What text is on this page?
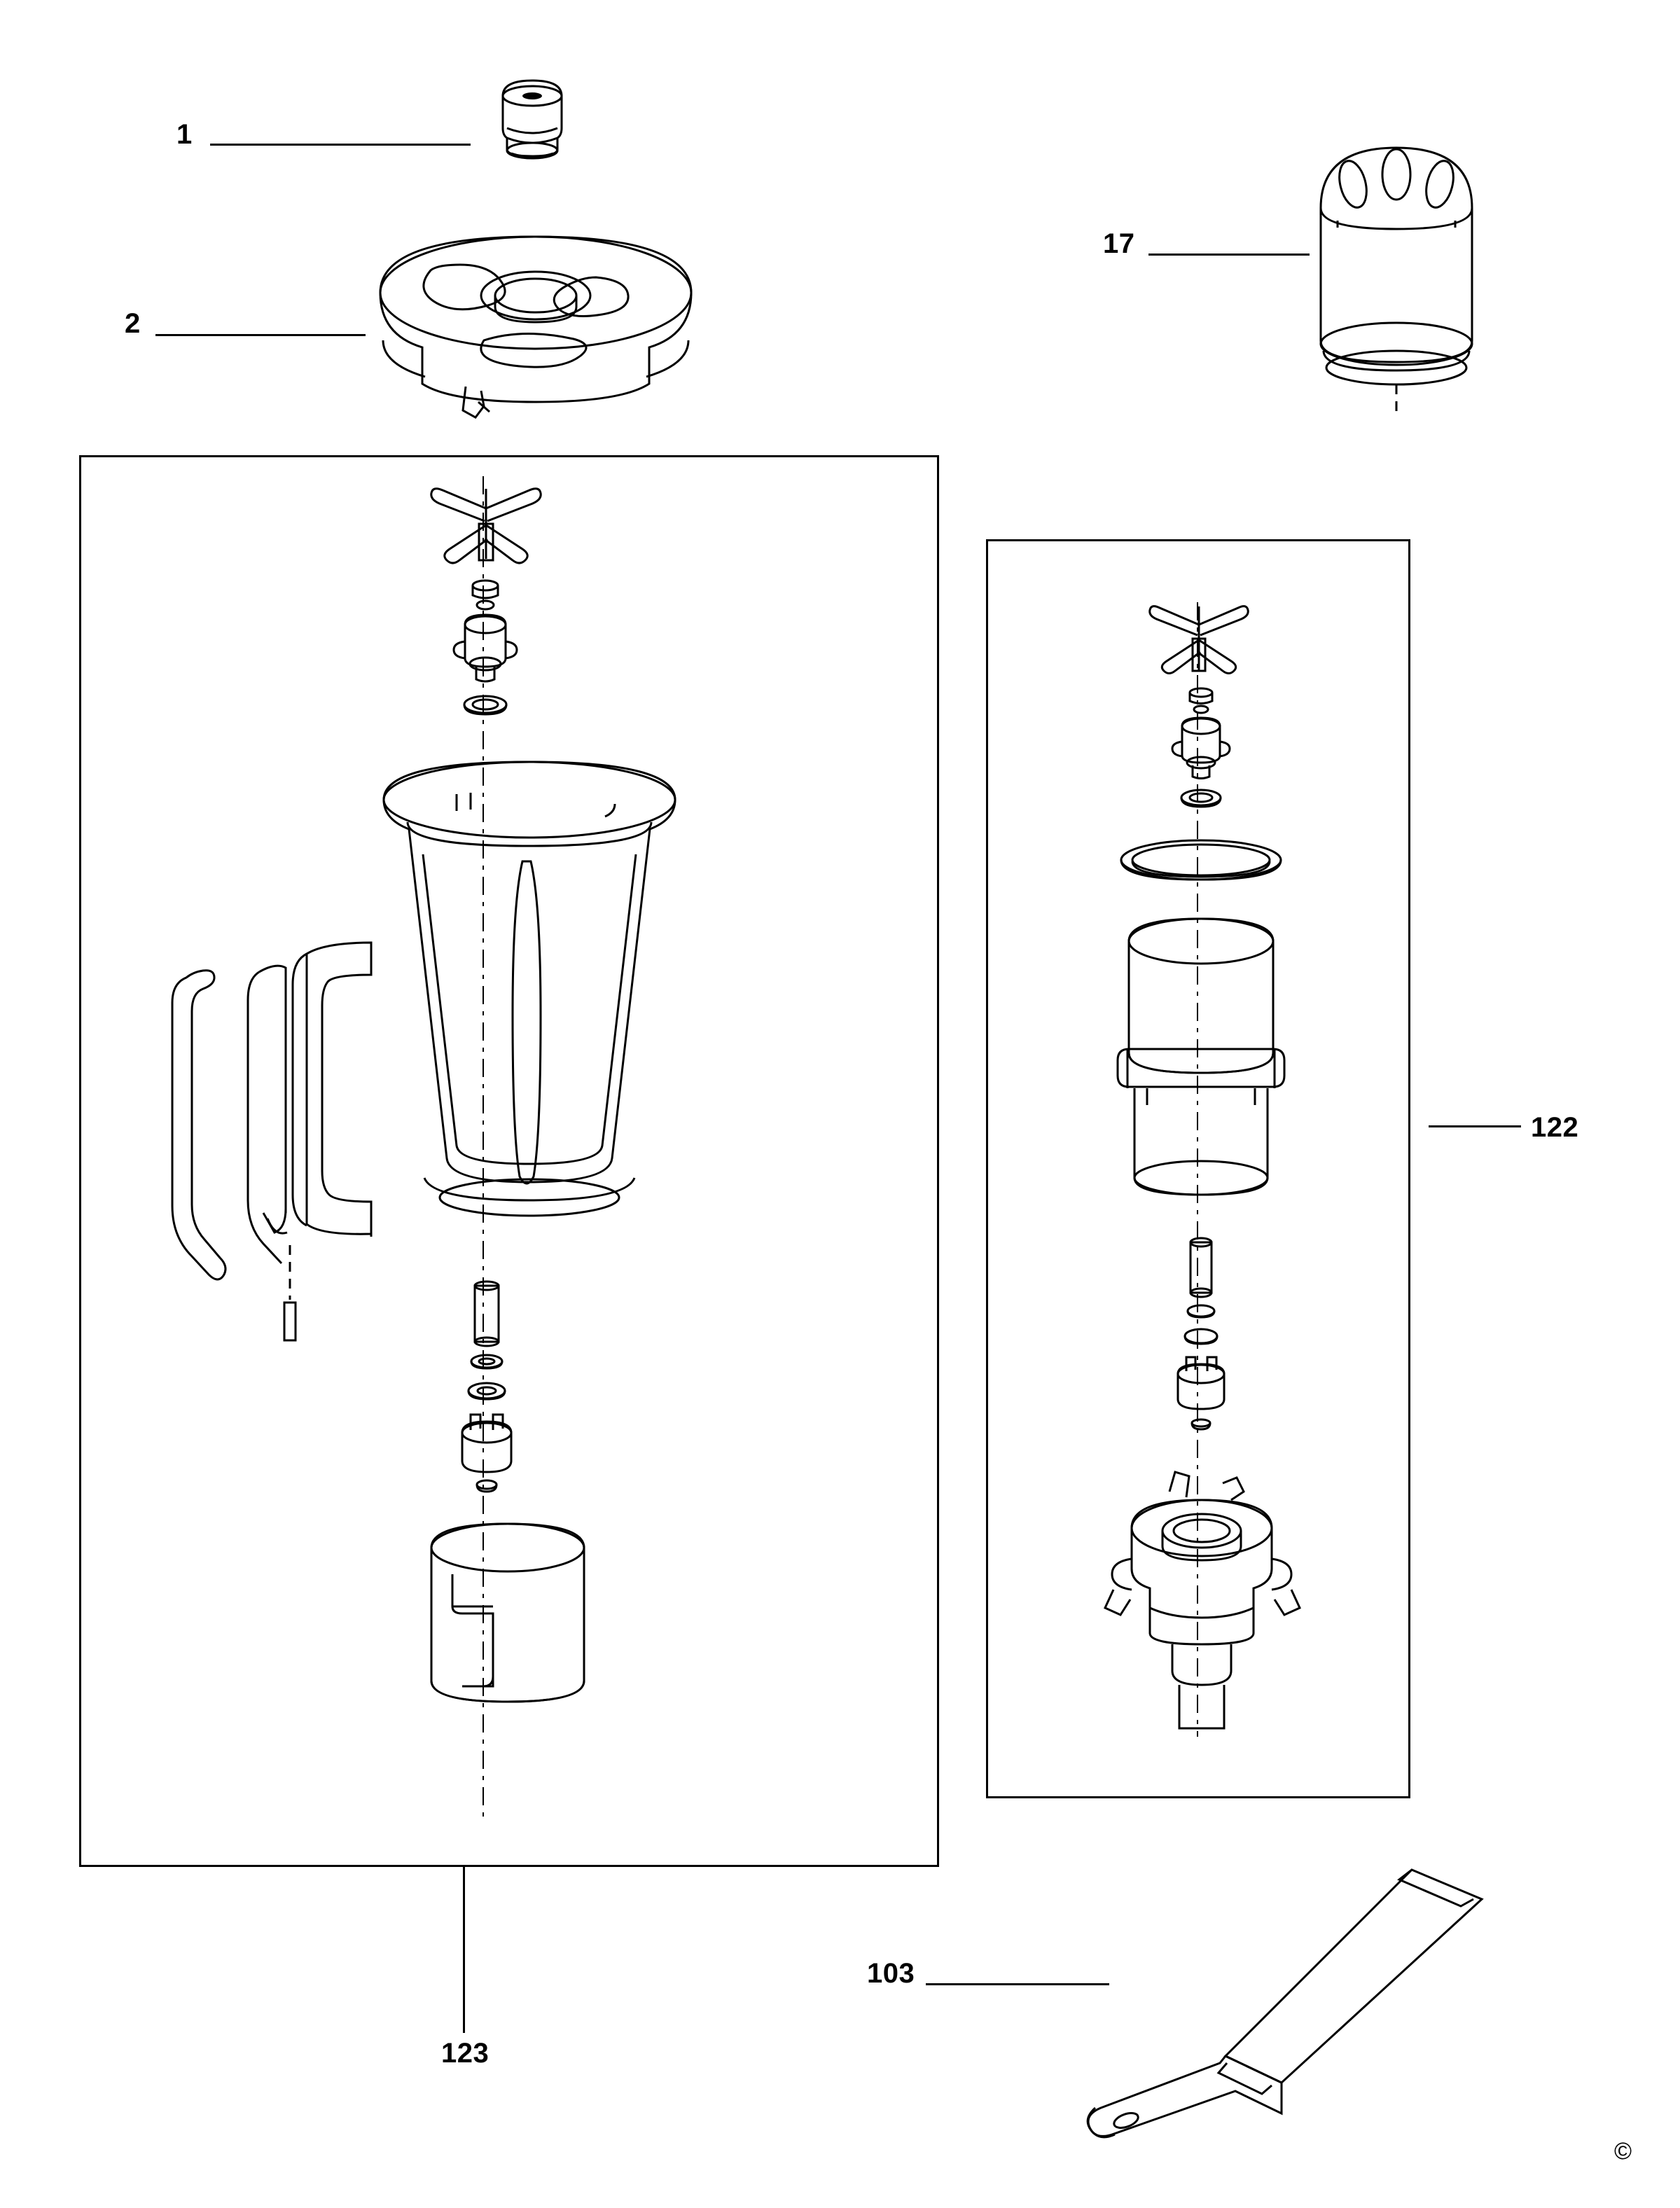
1
2
17
123
122
103
©
